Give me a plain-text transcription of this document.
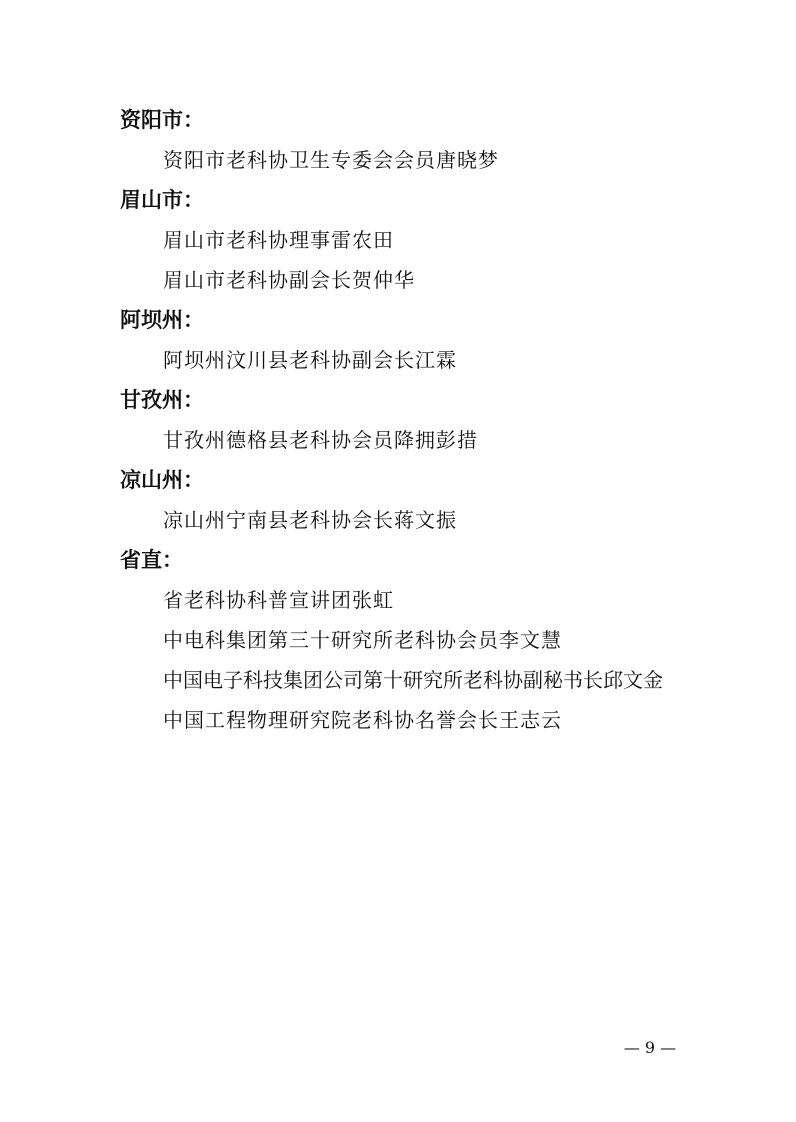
资阳市：
资阳市老科协卫生专委会会员唐晓梦
眉山市：
眉山市老科协理事雷农田
眉山市老科协副会长贺仲华
阿坝州：
阿坝州汶川县老科协副会长江霖
甘孜州：
甘孜州德格县老科协会员降拥彭措
凉山州：
凉山州宁南县老科协会长蒋文振
省直：
省老科协科普宣讲团张虹
中电科集团第三十研究所老科协会员李文慧
中国电子科技集团公司第十研究所老科协副秘书长邱文金
中国工程物理研究院老科协名誉会长王志云
— 9 —
